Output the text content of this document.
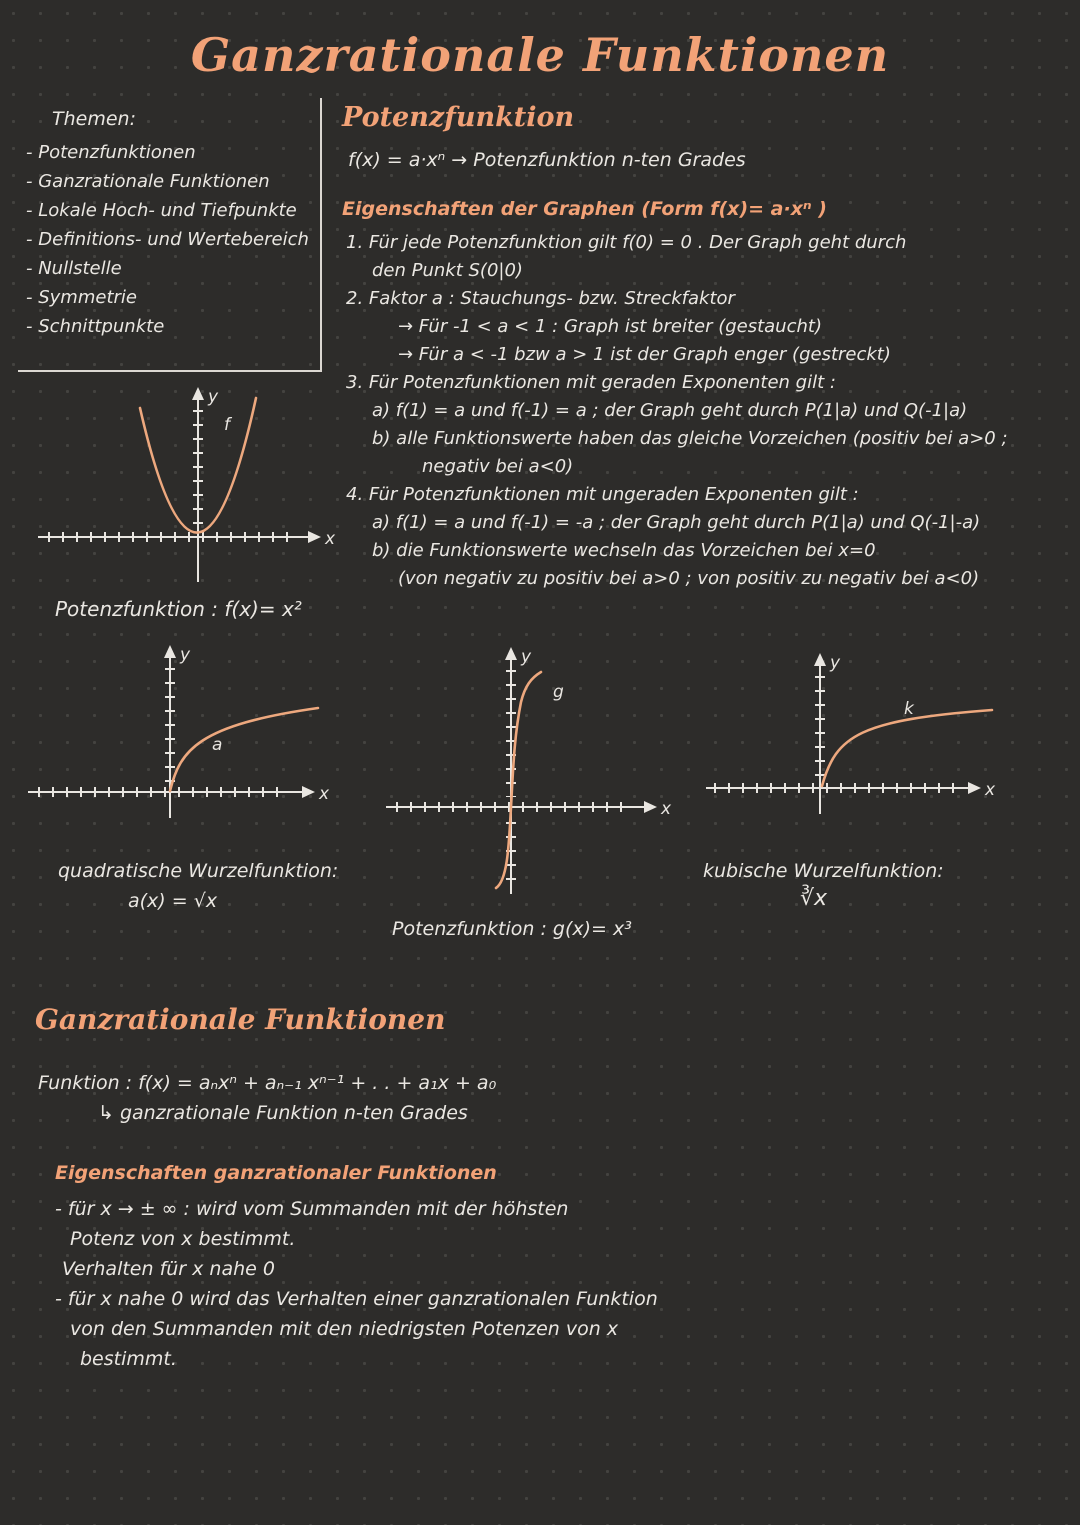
Ganzrationale Funktionen
Themen:
- Potenzfunktionen
- Ganzrationale Funktionen
- Lokale Hoch- und Tiefpunkte
- Definitions- und Wertebereich
- Nullstelle
- Symmetrie
- Schnittpunkte
Potenzfunktion
f(x) = a·xⁿ → Potenzfunktion n-ten Grades
Eigenschaften der Graphen (Form f(x)= a·xⁿ )
1. Für jede Potenzfunktion gilt f(0) = 0 . Der Graph geht durch
den Punkt S(0|0)
2. Faktor a : Stauchungs- bzw. Streckfaktor
→ Für -1 < a < 1 : Graph ist breiter (gestaucht)
→ Für a < -1 bzw a > 1 ist der Graph enger (gestreckt)
3. Für Potenzfunktionen mit geraden Exponenten gilt :
a) f(1) = a und f(-1) = a ; der Graph geht durch P(1|a) und Q(-1|a)
b) alle Funktionswerte haben das gleiche Vorzeichen (positiv bei a>0 ;
negativ bei a<0)
4. Für Potenzfunktionen mit ungeraden Exponenten gilt :
a) f(1) = a und f(-1) = -a ; der Graph geht durch P(1|a) und Q(-1|-a)
b) die Funktionswerte wechseln das Vorzeichen bei x=0
(von negativ zu positiv bei a>0 ; von positiv zu negativ bei a<0)
f
y
x
Potenzfunktion : f(x)= x²
a
y
x
quadratische Wurzelfunktion:
a(x) = √x
g
y
x
Potenzfunktion : g(x)= x³
k
y
x
kubische Wurzelfunktion:
∛x
Ganzrationale Funktionen
Funktion : f(x) = aₙxⁿ + aₙ₋₁ xⁿ⁻¹ + . . + a₁x + a₀
↳ ganzrationale Funktion n-ten Grades
Eigenschaften ganzrationaler Funktionen
- für x → ± ∞ : wird vom Summanden mit der höhsten
Potenz von x bestimmt.
Verhalten für x nahe 0
- für x nahe 0 wird das Verhalten einer ganzrationalen Funktion
von den Summanden mit den niedrigsten Potenzen von x
bestimmt.
